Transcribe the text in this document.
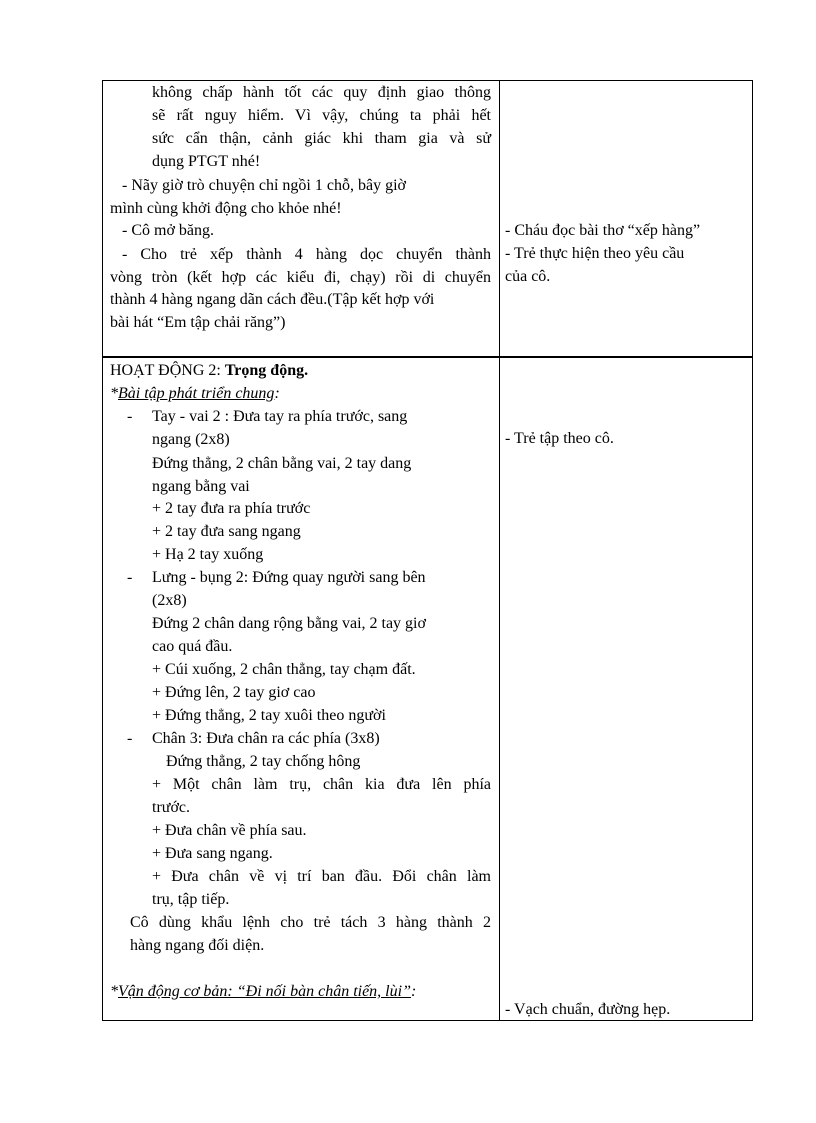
không chấp hành tốt các quy định giao thông
sẽ rất nguy hiểm. Vì vậy, chúng ta phải hết
sức cẩn thận, cảnh giác khi tham gia và sử
dụng PTGT nhé!
- Nãy giờ trò chuyện chỉ ngồi 1 chỗ, bây giờ
mình cùng khởi động cho khỏe nhé!
- Cô mở băng.
- Cho trẻ xếp thành 4 hàng dọc chuyển thành
vòng tròn (kết hợp các kiểu đi, chạy) rồi di chuyển
thành 4 hàng ngang dãn cách đều.(Tập kết hợp với
bài hát “Em tập chải răng”)
- Cháu đọc bài thơ “xếp hàng”
- Trẻ thực hiện theo yêu cầu
của cô.
HOẠT ĐỘNG 2: Trọng động.
*Bài tập phát triển chung:
- Tay - vai 2 : Đưa tay ra phía trước, sang
ngang (2x8)
Đứng thẳng, 2 chân bằng vai, 2 tay dang
ngang bằng vai
+ 2 tay đưa ra phía trước
+ 2 tay đưa sang ngang
+ Hạ 2 tay xuống
- Lưng - bụng 2: Đứng quay người sang bên
(2x8)
Đứng 2 chân dang rộng bằng vai, 2 tay giơ
cao quá đầu.
+ Cúi xuống, 2 chân thẳng, tay chạm đất.
+ Đứng lên, 2 tay giơ cao
+ Đứng thẳng, 2 tay xuôi theo người
- Chân 3: Đưa chân ra các phía (3x8)
Đứng thẳng, 2 tay chống hông
+ Một chân làm trụ, chân kia đưa lên phía
trước.
+ Đưa chân về phía sau.
+ Đưa sang ngang.
+ Đưa chân về vị trí ban đầu. Đổi chân làm
trụ, tập tiếp.
Cô dùng khẩu lệnh cho trẻ tách 3 hàng thành 2
hàng ngang đối diện.
*Vận động cơ bản: “Đi nối bàn chân tiến, lùi”:
- Trẻ tập theo cô.
- Vạch chuẩn, đường hẹp.
